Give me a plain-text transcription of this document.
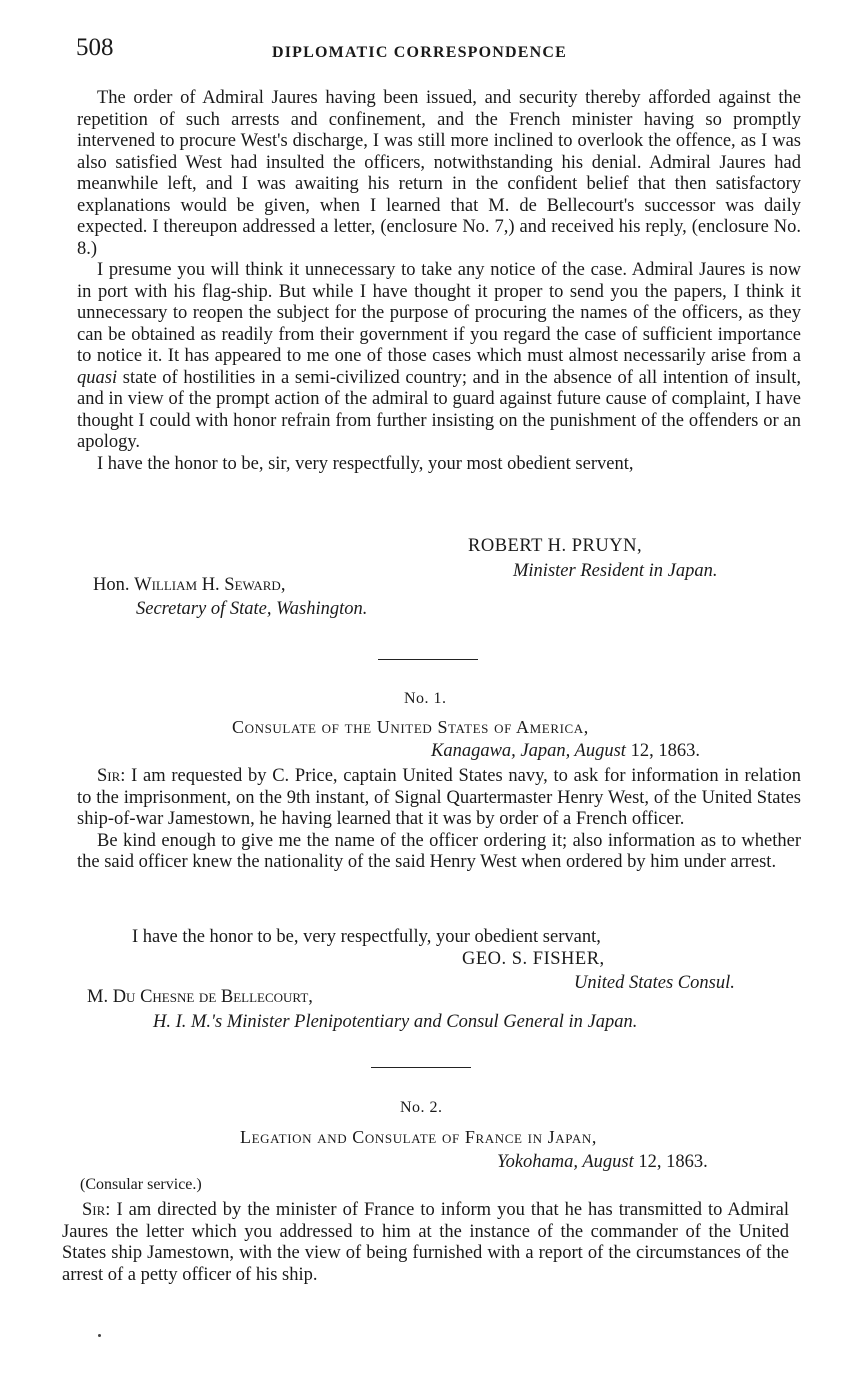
508	DIPLOMATIC CORRESPONDENCE

The order of Admiral Jaures having been issued, and security thereby afforded against the repetition of such arrests and confinement, and the French minister having so promptly intervened to procure West's discharge, I was still more inclined to overlook the offence, as I was also satisfied West had insulted the officers, notwithstanding his denial. Admiral Jaures had meanwhile left, and I was awaiting his return in the confident belief that then satisfactory explanations would be given, when I learned that M. de Bellecourt's successor was daily expected. I thereupon addressed a letter, (enclosure No. 7,) and received his reply, (enclosure No. 8.)

I presume you will think it unnecessary to take any notice of the case. Admiral Jaures is now in port with his flag-ship. But while I have thought it proper to send you the papers, I think it unnecessary to reopen the subject for the purpose of procuring the names of the officers, as they can be obtained as readily from their government if you regard the case of sufficient importance to notice it. It has appeared to me one of those cases which must almost necessarily arise from a quasi state of hostilities in a semi-civilized country; and in the absence of all intention of insult, and in view of the prompt action of the admiral to guard against future cause of complaint, I have thought I could with honor refrain from further insisting on the punishment of the offenders or an apology.

I have the honor to be, sir, very respectfully, your most obedient servent,

ROBERT H. PRUYN,
Minister Resident in Japan.
Hon. William H. Seward,
Secretary of State, Washington.
No. 1.
Consulate of the United States of America,
Kanagawa, Japan, August 12, 1863.

Sir: I am requested by C. Price, captain United States navy, to ask for information in relation to the imprisonment, on the 9th instant, of Signal Quartermaster Henry West, of the United States ship-of-war Jamestown, he having learned that it was by order of a French officer.

Be kind enough to give me the name of the officer ordering it; also information as to whether the said officer knew the nationality of the said Henry West when ordered by him under arrest.

I have the honor to be, very respectfully, your obedient servant,
GEO. S. FISHER,
United States Consul.
M. Du Chesne de Bellecourt,
H. I. M.'s Minister Plenipotentiary and Consul General in Japan.
No. 2.
Legation and Consulate of France in Japan,
Yokohama, August 12, 1863.
(Consular service.)

Sir: I am directed by the minister of France to inform you that he has transmitted to Admiral Jaures the letter which you addressed to him at the instance of the commander of the United States ship Jamestown, with the view of being furnished with a report of the circumstances of the arrest of a petty officer of his ship.
